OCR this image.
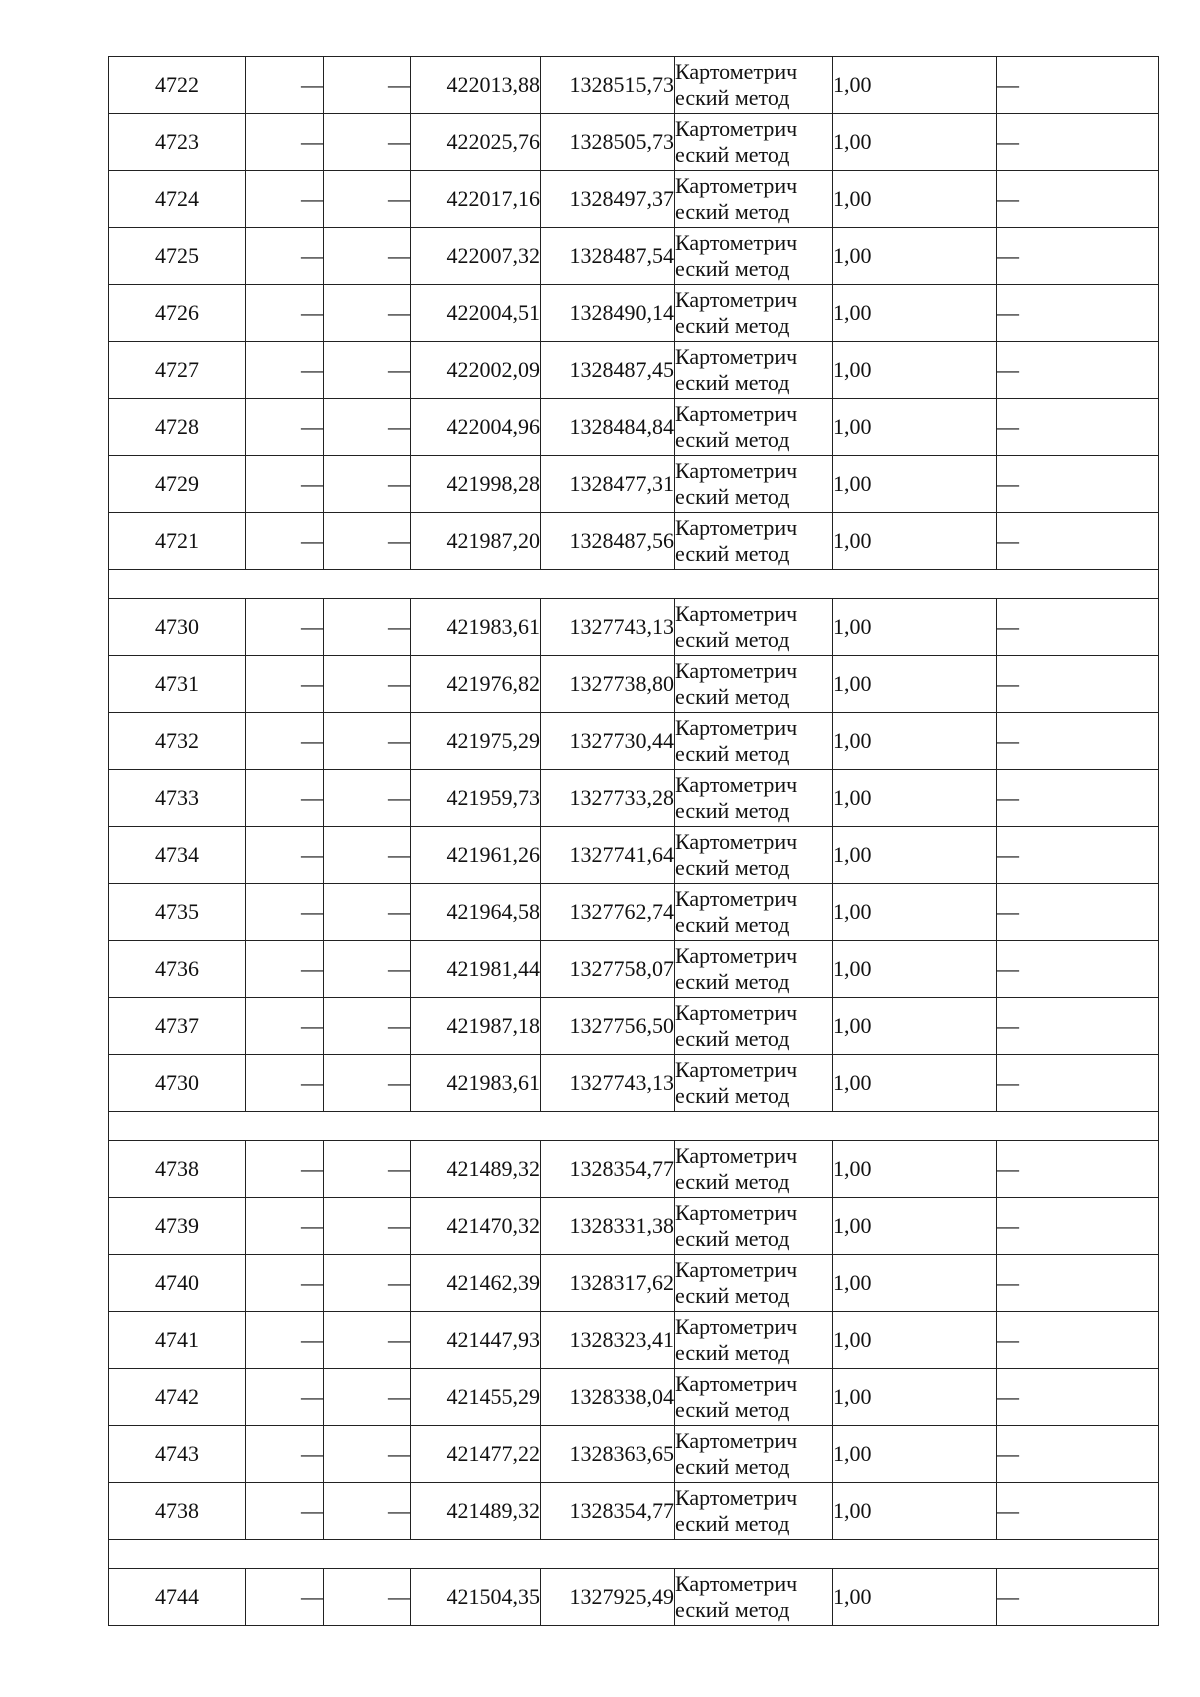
4722	—	—	422013,88	1328515,73	Картометрич
еский метод	1,00	—
4723	—	—	422025,76	1328505,73	Картометрич
еский метод	1,00	—
4724	—	—	422017,16	1328497,37	Картометрич
еский метод	1,00	—
4725	—	—	422007,32	1328487,54	Картометрич
еский метод	1,00	—
4726	—	—	422004,51	1328490,14	Картометрич
еский метод	1,00	—
4727	—	—	422002,09	1328487,45	Картометрич
еский метод	1,00	—
4728	—	—	422004,96	1328484,84	Картометрич
еский метод	1,00	—
4729	—	—	421998,28	1328477,31	Картометрич
еский метод	1,00	—
4721	—	—	421987,20	1328487,56	Картометрич
еский метод	1,00	—

4730	—	—	421983,61	1327743,13	Картометрич
еский метод	1,00	—
4731	—	—	421976,82	1327738,80	Картометрич
еский метод	1,00	—
4732	—	—	421975,29	1327730,44	Картометрич
еский метод	1,00	—
4733	—	—	421959,73	1327733,28	Картометрич
еский метод	1,00	—
4734	—	—	421961,26	1327741,64	Картометрич
еский метод	1,00	—
4735	—	—	421964,58	1327762,74	Картометрич
еский метод	1,00	—
4736	—	—	421981,44	1327758,07	Картометрич
еский метод	1,00	—
4737	—	—	421987,18	1327756,50	Картометрич
еский метод	1,00	—
4730	—	—	421983,61	1327743,13	Картометрич
еский метод	1,00	—

4738	—	—	421489,32	1328354,77	Картометрич
еский метод	1,00	—
4739	—	—	421470,32	1328331,38	Картометрич
еский метод	1,00	—
4740	—	—	421462,39	1328317,62	Картометрич
еский метод	1,00	—
4741	—	—	421447,93	1328323,41	Картометрич
еский метод	1,00	—
4742	—	—	421455,29	1328338,04	Картометрич
еский метод	1,00	—
4743	—	—	421477,22	1328363,65	Картометрич
еский метод	1,00	—
4738	—	—	421489,32	1328354,77	Картометрич
еский метод	1,00	—

4744	—	—	421504,35	1327925,49	Картометрич
еский метод	1,00	—
